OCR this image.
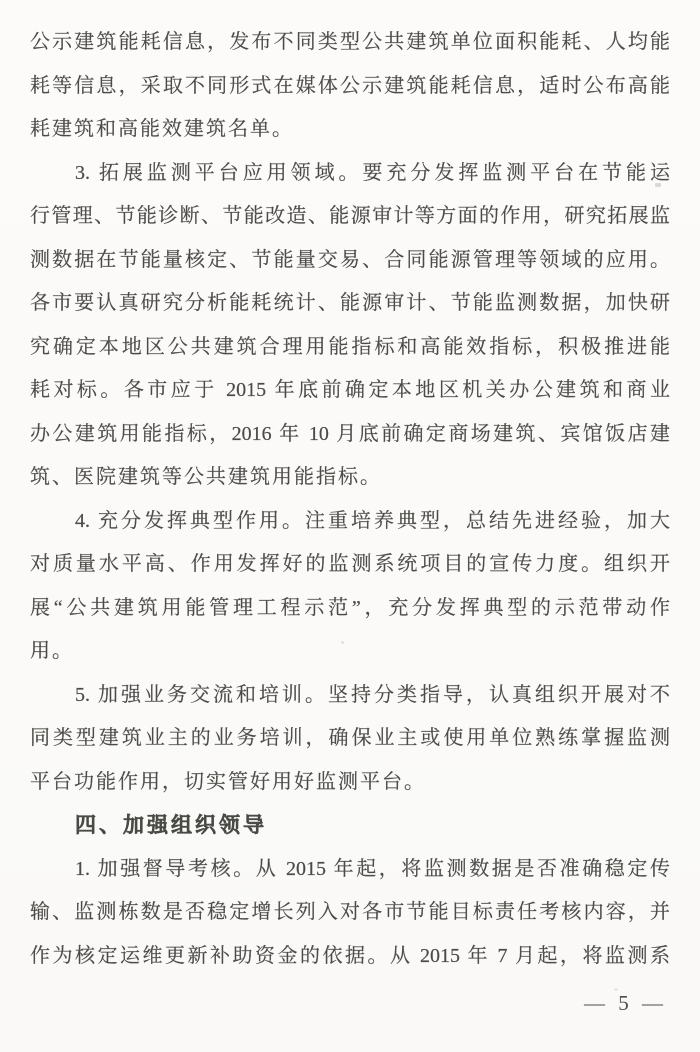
公示建筑能耗信息，发布不同类型公共建筑单位面积能耗、人均能
耗等信息，采取不同形式在媒体公示建筑能耗信息，适时公布高能
耗建筑和高能效建筑名单。
3. 拓展监测平台应用领域。要充分发挥监测平台在节能运
行管理、节能诊断、节能改造、能源审计等方面的作用，研究拓展监
测数据在节能量核定、节能量交易、合同能源管理等领域的应用。
各市要认真研究分析能耗统计、能源审计、节能监测数据，加快研
究确定本地区公共建筑合理用能指标和高能效指标，积极推进能
耗对标。各市应于 2015 年底前确定本地区机关办公建筑和商业
办公建筑用能指标，2016 年 10 月底前确定商场建筑、宾馆饭店建
筑、医院建筑等公共建筑用能指标。
4. 充分发挥典型作用。注重培养典型，总结先进经验，加大
对质量水平高、作用发挥好的监测系统项目的宣传力度。组织开
展“公共建筑用能管理工程示范”，充分发挥典型的示范带动作
用。
5. 加强业务交流和培训。坚持分类指导，认真组织开展对不
同类型建筑业主的业务培训，确保业主或使用单位熟练掌握监测
平台功能作用，切实管好用好监测平台。
四、加强组织领导
1. 加强督导考核。从 2015 年起，将监测数据是否准确稳定传
输、监测栋数是否稳定增长列入对各市节能目标责任考核内容，并
作为核定运维更新补助资金的依据。从 2015 年 7 月起，将监测系
— 5 —
